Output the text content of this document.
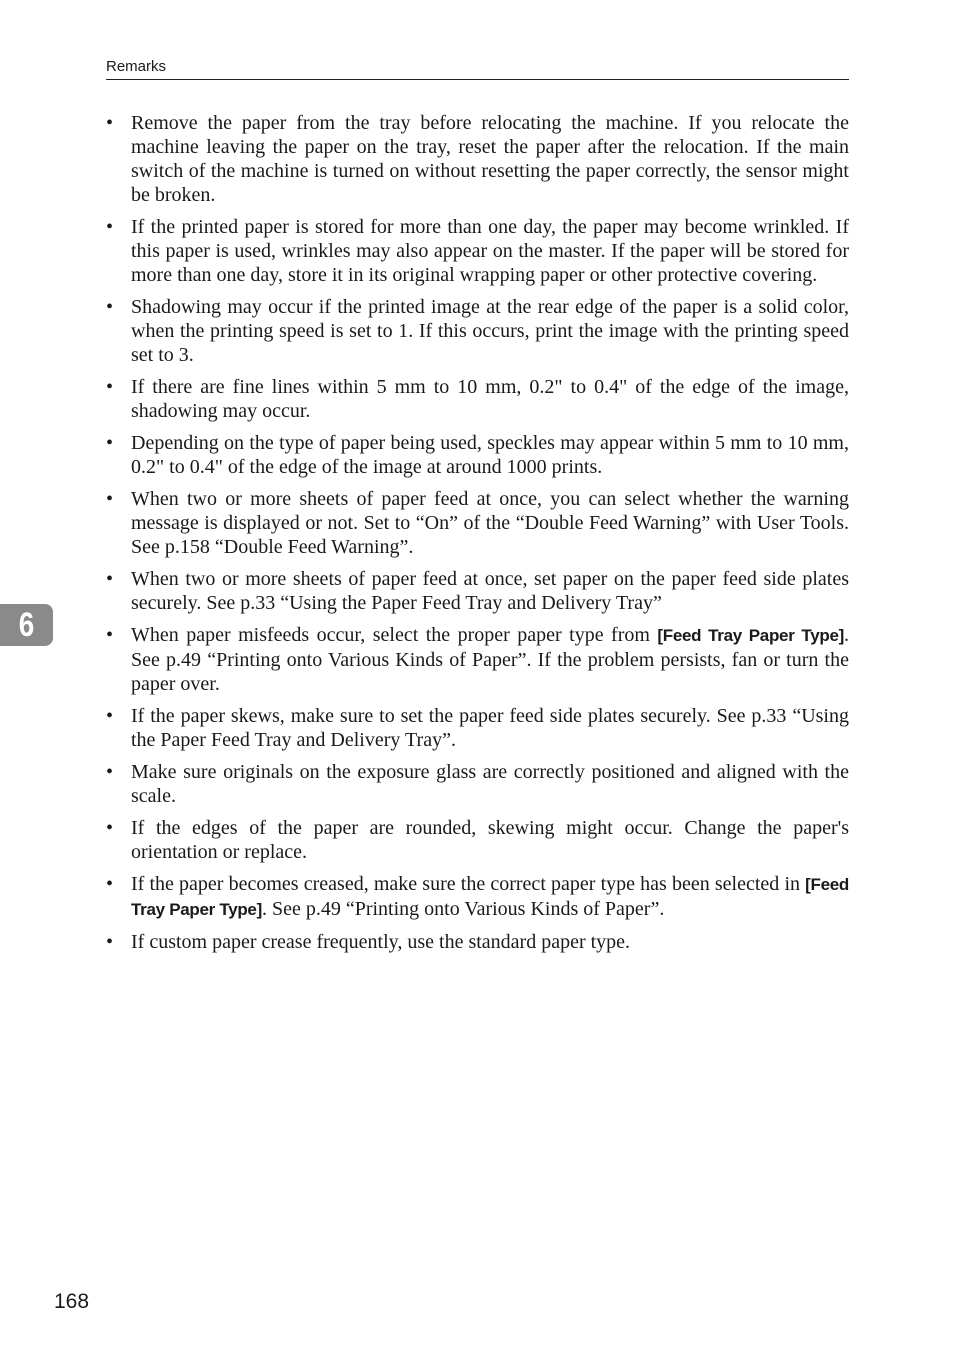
Remarks
6
• Remove the paper from the tray before relocating the machine. If you relocate the machine leaving the paper on the tray, reset the paper after the relocation. If the main switch of the machine is turned on without resetting the paper correctly, the sensor might be broken.
• If the printed paper is stored for more than one day, the paper may become wrinkled. If this paper is used, wrinkles may also appear on the master. If the paper will be stored for more than one day, store it in its original wrapping paper or other protective covering.
• Shadowing may occur if the printed image at the rear edge of the paper is a solid color, when the printing speed is set to 1. If this occurs, print the image with the printing speed set to 3.
• If there are fine lines within 5 mm to 10 mm, 0.2" to 0.4" of the edge of the image, shadowing may occur.
• Depending on the type of paper being used, speckles may appear within 5 mm to 10 mm, 0.2" to 0.4" of the edge of the image at around 1000 prints.
• When two or more sheets of paper feed at once, you can select whether the warning message is displayed or not. Set to “On” of the “Double Feed Warning” with User Tools. See p.158 “Double Feed Warning”.
• When two or more sheets of paper feed at once, set paper on the paper feed side plates securely. See p.33 “Using the Paper Feed Tray and Delivery Tray”
• When paper misfeeds occur, select the proper paper type from [Feed Tray Paper Type]. See p.49 “Printing onto Various Kinds of Paper”. If the problem persists, fan or turn the paper over.
• If the paper skews, make sure to set the paper feed side plates securely. See p.33 “Using the Paper Feed Tray and Delivery Tray”.
• Make sure originals on the exposure glass are correctly positioned and aligned with the scale.
• If the edges of the paper are rounded, skewing might occur. Change the paper's orientation or replace.
• If the paper becomes creased, make sure the correct paper type has been selected in [Feed Tray Paper Type]. See p.49 “Printing onto Various Kinds of Paper”.
• If custom paper crease frequently, use the standard paper type.
168
